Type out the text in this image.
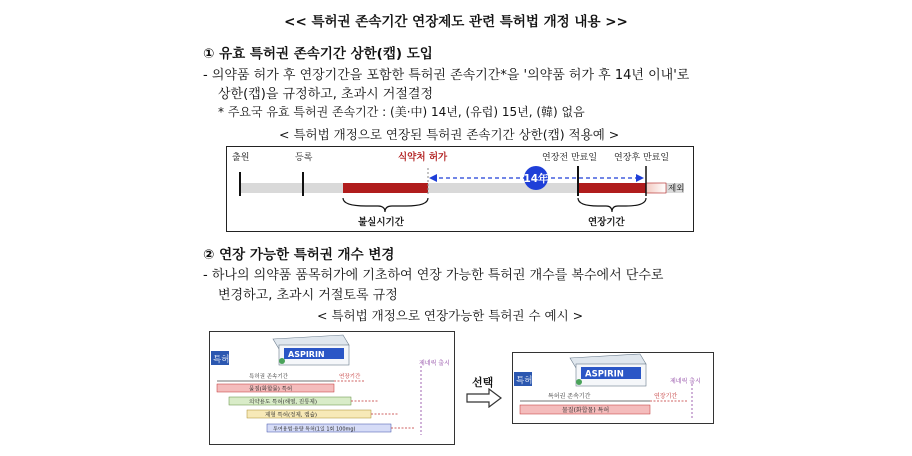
<< 특허권 존속기간 연장제도 관련 특허법 개정 내용 >>
① 유효 특허권 존속기간 상한(캡) 도입
- 의약품 허가 후 연장기간을 포함한 특허권 존속기간*을 '의약품 허가 후 14년 이내'로
상한(캡)을 규정하고, 초과시 거절결정
* 주요국 유효 특허권 존속기간 : (美·中) 14년, (유럽) 15년, (韓) 없음
< 특허법 개정으로 연장된 특허권 존속기간 상한(캡) 적용예 >
14年
출원	등록	식약처 허가	연장전 만료일 연장후 만료일
제외
불실시기간	연장기간
② 연장 가능한 특허권 개수 변경
- 하나의 의약품 품목허가에 기초하여 연장 가능한 특허권 개수를 복수에서 단수로
변경하고, 초과시 거절토록 규정
< 특허법 개정으로 연장가능한 특허권 수 예시 >
특허
ASPIRIN
제네릭 출시
특허권 존속기간	연장기간
물질(화합물) 특허
의약용도 특허(해열, 진통제)
제형 특허(정제, 캡슐)
투여용법·용량 특허(1일 1회 100mg)
선택	특허
ASPIRIN
제네릭 출시
특허권 존속기간	연장기간
물질(화합물) 특허
